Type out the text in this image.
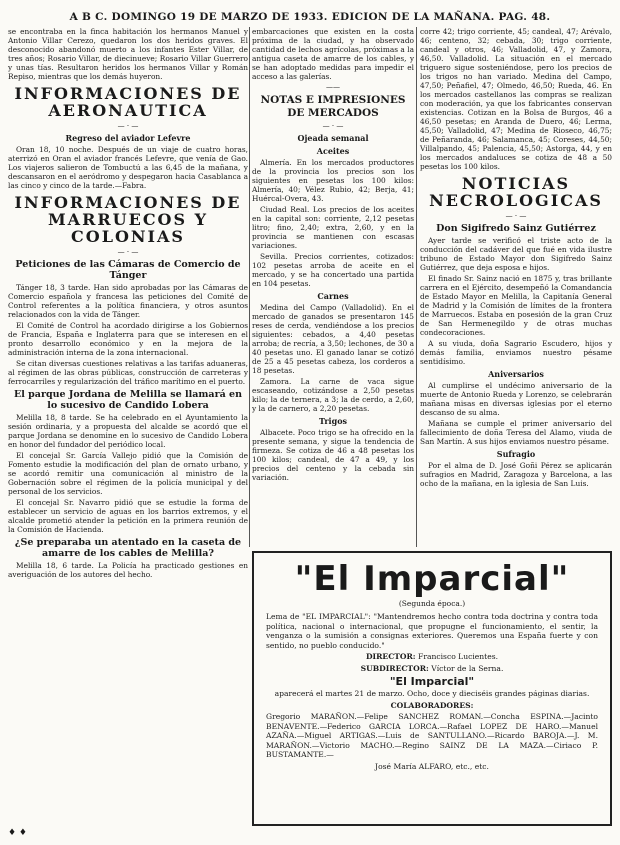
A B C. DOMINGO 19 DE MARZO DE 1933. EDICION DE LA MAÑANA. PAG. 48.

se encontraba en la finca habitación los hermanos Manuel y Antonio Villar Cerezo, quedaron los dos heridos graves. El desconocido abandonó muerto a los infantes Ester Villar, de tres años; Rosario Villar, de diecinueve; Rosario Villar Guerrero y unas tías. Resultaron heridos los hermanos Villar y Román Repiso, mientras que los demás huyeron.

INFORMACIONES DE AERONAUTICA
— · —
Regreso del aviador Lefevre

Oran 18, 10 noche. Después de un viaje de cuatro horas, aterrizó en Oran el aviador francés Lefevre, que venía de Gao. Los viajeros salieron de Tombuctú a las 6,45 de la mañana, y descansaron en el aeródromo y despegaron hacia Casablanca a las cinco y cinco de la tarde.—Fabra.

INFORMACIONES DE MARRUECOS Y COLONIAS
— · —
Peticiones de las Cámaras de Comercio de Tánger

Tánger 18, 3 tarde. Han sido aprobadas por las Cámaras de Comercio española y francesa las peticiones del Comité de Control referentes a la política financiera, y otros asuntos relacionados con la vida de Tánger.

El Comité de Control ha acordado dirigirse a los Gobiernos de Francia, España e Inglaterra para que se interesen en el pronto desarrollo económico y en la mejora de la administración interna de la zona internacional.

Se citan diversas cuestiones relativas a las tarifas aduaneras, al régimen de las obras públicas, construcción de carreteras y ferrocarriles y regularización del tráfico marítimo en el puerto.

El parque Jordana de Melilla se llamará en lo sucesivo de Candido Lobera

Melilla 18, 8 tarde. Se ha celebrado en el Ayuntamiento la sesión ordinaria, y a propuesta del alcalde se acordó que el parque Jordana se denomine en lo sucesivo de Candido Lobera en honor del fundador del periódico local.

El concejal Sr. García Vallejo pidió que la Comisión de Fomento estudie la modificación del plan de ornato urbano, y se acordó remitir una comunicación al ministro de la Gobernación sobre el régimen de la policía municipal y del personal de los servicios.

El concejal Sr. Navarro pidió que se estudie la forma de establecer un servicio de aguas en los barrios extremos, y el alcalde prometió atender la petición en la primera reunión de la Comisión de Hacienda.

¿Se preparaba un atentado en la caseta de amarre de los cables de Melilla?

Melilla 18, 6 tarde. La Policía ha practicado gestiones en averiguación de los autores del hecho.

embarcaciones que existen en la costa próxima de la ciudad, y ha observado cantidad de lechos agrícolas, próximas a la antigua caseta de amarre de los cables, y se han adoptado medidas para impedir el acceso a las galerías.

——
NOTAS E IMPRESIONES DE MERCADOS
— · —
Ojeada semanal
Aceites

Almería. En los mercados productores de la provincia los precios son los siguientes en pesetas los 100 kilos: Almería, 40; Vélez Rubio, 42; Berja, 41; Huércal-Overa, 43.

Ciudad Real. Los precios de los aceites en la capital son: corriente, 2,12 pesetas litro; fino, 2,40; extra, 2,60, y en la provincia se mantienen con escasas variaciones.

Sevilla. Precios corrientes, cotizados: 102 pesetas arroba de aceite en el mercado, y se ha concertado una partida en 104 pesetas.

Carnes

Medina del Campo (Valladolid). En el mercado de ganados se presentaron 145 reses de cerda, vendiéndose a los precios siguientes: cebados, a 4,40 pesetas arroba; de recría, a 3,50; lechones, de 30 a 40 pesetas uno. El ganado lanar se cotizó de 25 a 45 pesetas cabeza, los corderos a 18 pesetas.

Zamora. La carne de vaca sigue escaseando, cotizándose a 2,50 pesetas kilo; la de ternera, a 3; la de cerdo, a 2,60, y la de carnero, a 2,20 pesetas.

Trigos

Albacete. Poco trigo se ha ofrecido en la presente semana, y sigue la tendencia de firmeza. Se cotiza de 46 a 48 pesetas los 100 kilos; candeal, de 47 a 49, y los precios del centeno y la cebada sin variación.

corre 42; trigo corriente, 45; candeal, 47; Arévalo, 46; centeno, 32; cebada, 30; trigo corriente, candeal y otros, 46; Valladolid, 47, y Zamora, 46,50. Valladolid. La situación en el mercado triguero sigue sosteniéndose, pero los precios de los trigos no han variado. Medina del Campo, 47,50; Peñafiel, 47; Olmedo, 46,50; Rueda, 46. En los mercados castellanos las compras se realizan con moderación, ya que los fabricantes conservan existencias. Cotizan en la Bolsa de Burgos, 46 a 46,50 pesetas; en Aranda de Duero, 46; Lerma, 45,50; Valladolid, 47; Medina de Rioseco, 46,75; de Peñaranda, 46; Salamanca, 45; Coreses, 44,50; Villalpando, 45; Palencia, 45,50; Astorga, 44, y en los mercados andaluces se cotiza de 48 a 50 pesetas los 100 kilos.

NOTICIAS NECROLOGICAS
— · —
Don Sigifredo Sainz Gutiérrez

Ayer tarde se verificó el triste acto de la conducción del cadáver del que fué en vida ilustre tribuno de Estado Mayor don Sigifredo Sainz Gutiérrez, que deja esposa e hijos.

El finado Sr. Sainz nació en 1875 y, tras brillante carrera en el Ejército, desempeñó la Comandancia de Estado Mayor en Melilla, la Capitanía General de Madrid y la Comisión de límites de la frontera de Marruecos. Estaba en posesión de la gran Cruz de San Hermenegildo y de otras muchas condecoraciones.

A su viuda, doña Sagrario Escudero, hijos y demás familia, enviamos nuestro pésame sentidísimo.

Aniversarios

Al cumplirse el undécimo aniversario de la muerte de Antonio Rueda y Lorenzo, se celebrarán mañana misas en diversas iglesias por el eterno descanso de su alma.

Mañana se cumple el primer aniversario del fallecimiento de doña Teresa del Alamo, viuda de San Martín. A sus hijos enviamos nuestro pésame.

Sufragio

Por el alma de D. José Goñi Pérez se aplicarán sufragios en Madrid, Zaragoza y Barcelona, a las ocho de la mañana, en la iglesia de San Luis.

"El Imparcial"
(Segunda época.)

Lema de "EL IMPARCIAL": "Mantendremos hecho contra toda doctrina y contra toda política, nacional o internacional, que propugne el funcionamiento, el sentir, la venganza o la sumisión a consignas exteriores. Queremos una España fuerte y con sentido, no pueblo conducido."

DIRECTOR: Francisco Lucientes.

SUBDIRECTOR: Víctor de la Serna.

"El Imparcial"

aparecerá el martes 21 de marzo. Ocho, doce y dieciséis grandes páginas diarias.

COLABORADORES:

Gregorio MARAÑON.—Felipe SANCHEZ ROMAN.—Concha ESPINA.—Jacinto BENAVENTE.—Federico GARCIA LORCA.—Rafael LOPEZ DE HARO.—Manuel AZAÑA.—Miguel ARTIGAS.—Luis de SANTULLANO.—Ricardo BAROJA.—J. M. MARAÑON.—Victorio MACHO.—Regino SAINZ DE LA MAZA.—Ciriaco P. BUSTAMANTE.—

José María ALFARO, etc., etc.

♦ ♦
